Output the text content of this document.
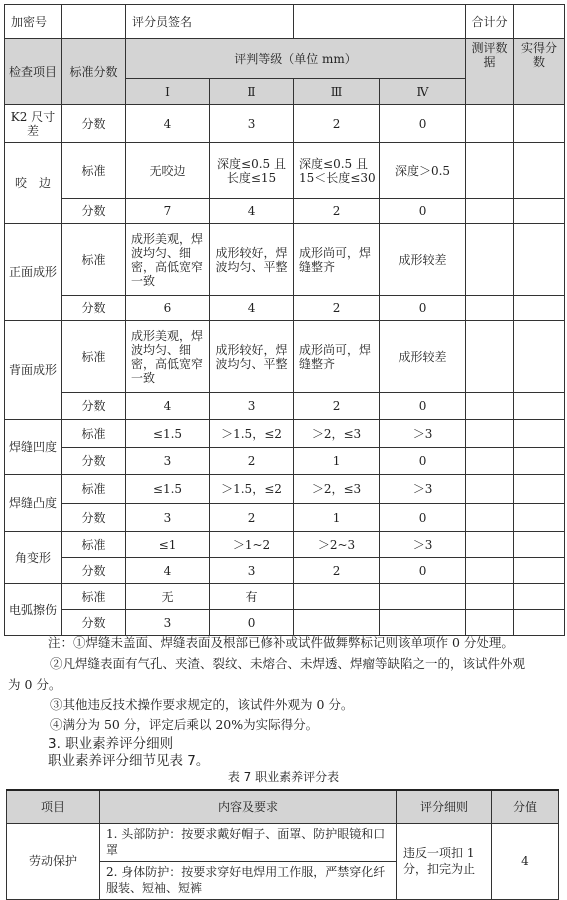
加密号		评分员签名				合计分	
检查项目	标准分数	评判等级（单位 mm）				测评数据	实得分数
		Ⅰ	Ⅱ	Ⅲ	Ⅳ		
K2 尺寸差	分数	4	3	2	0		
咬　边	标准	无咬边	深度≤0.5 且长度≤15	深度≤0.5 且 15＜长度≤30	深度＞0.5		
	分数	7	4	2	0		
正面成形	标准	成形美观，焊波均匀、细密，高低宽窄一致	成形较好，焊波均匀、平整	成形尚可，焊缝整齐	成形较差		
	分数	6	4	2	0		
背面成形	标准	成形美观，焊波均匀、细密，高低宽窄一致	成形较好，焊波均匀、平整	成形尚可，焊缝整齐	成形较差		
	分数	4	3	2	0		
焊缝凹度	标准	≤1.5	＞1.5，≤2	＞2，≤3	＞3		
	分数	3	2	1	0		
焊缝凸度	标准	≤1.5	＞1.5，≤2	＞2，≤3	＞3		
	分数	3	2	1	0		
角变形	标准	≤1	＞1~2	＞2~3	＞3		
	分数	4	3	2	0		
电弧擦伤	标准	无	有				
	分数	3	0				
注：①焊缝未盖面、焊缝表面及根部已修补或试件做舞弊标记则该单项作 0 分处理。
②凡焊缝表面有气孔、夹渣、裂纹、未熔合、未焊透、焊瘤等缺陷之一的，该试件外观
为 0 分。
③其他违反技术操作要求规定的，该试件外观为 0 分。
④满分为 50 分，评定后乘以 20%为实际得分。
3. 职业素养评分细则
职业素养评分细节见表 7。
表 7 职业素养评分表
项目	内容及要求	评分细则	分值
劳动保护	1. 头部防护：按要求戴好帽子、面罩、防护眼镜和口罩	违反一项扣 1 分，扣完为止	4
	2. 身体防护：按要求穿好电焊用工作服，严禁穿化纤服装、短袖、短裤		
